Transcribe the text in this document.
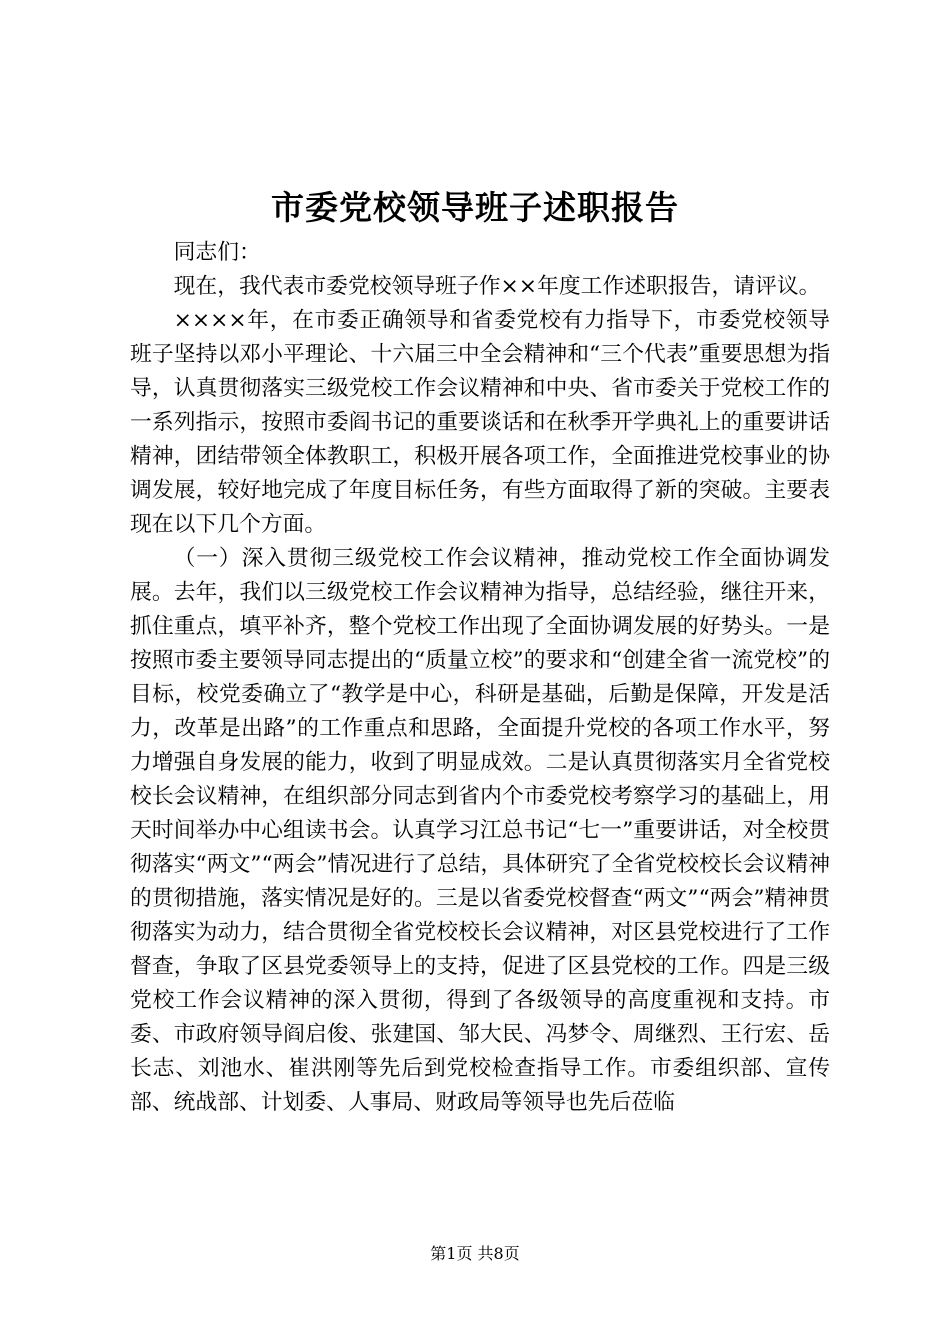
市委党校领导班子述职报告

同志们：

现在，我代表市委党校领导班子作××年度工作述职报告，请评议。

××××年，在市委正确领导和省委党校有力指导下，市委党校领导班子坚持以邓小平理论、十六届三中全会精神和“三个代表”重要思想为指导，认真贯彻落实三级党校工作会议精神和中央、省市委关于党校工作的一系列指示，按照市委阎书记的重要谈话和在秋季开学典礼上的重要讲话精神，团结带领全体教职工，积极开展各项工作，全面推进党校事业的协调发展，较好地完成了年度目标任务，有些方面取得了新的突破。主要表现在以下几个方面。

（一）深入贯彻三级党校工作会议精神，推动党校工作全面协调发展。去年，我们以三级党校工作会议精神为指导，总结经验，继往开来，抓住重点，填平补齐，整个党校工作出现了全面协调发展的好势头。一是按照市委主要领导同志提出的“质量立校”的要求和“创建全省一流党校”的目标，校党委确立了“教学是中心，科研是基础，后勤是保障，开发是活力，改革是出路”的工作重点和思路，全面提升党校的各项工作水平，努力增强自身发展的能力，收到了明显成效。二是认真贯彻落实月全省党校校长会议精神，在组织部分同志到省内个市委党校考察学习的基础上，用天时间举办中心组读书会。认真学习江总书记“七一”重要讲话，对全校贯彻落实“两文”“两会”情况进行了总结，具体研究了全省党校校长会议精神的贯彻措施，落实情况是好的。三是以省委党校督查“两文”“两会”精神贯彻落实为动力，结合贯彻全省党校校长会议精神，对区县党校进行了工作督查，争取了区县党委领导上的支持，促进了区县党校的工作。四是三级党校工作会议精神的深入贯彻，得到了各级领导的高度重视和支持。市委、市政府领导阎启俊、张建国、邹大民、冯梦令、周继烈、王行宏、岳长志、刘池水、崔洪刚等先后到党校检查指导工作。市委组织部、宣传部、统战部、计划委、人事局、财政局等领导也先后莅临

第1页 共8页
